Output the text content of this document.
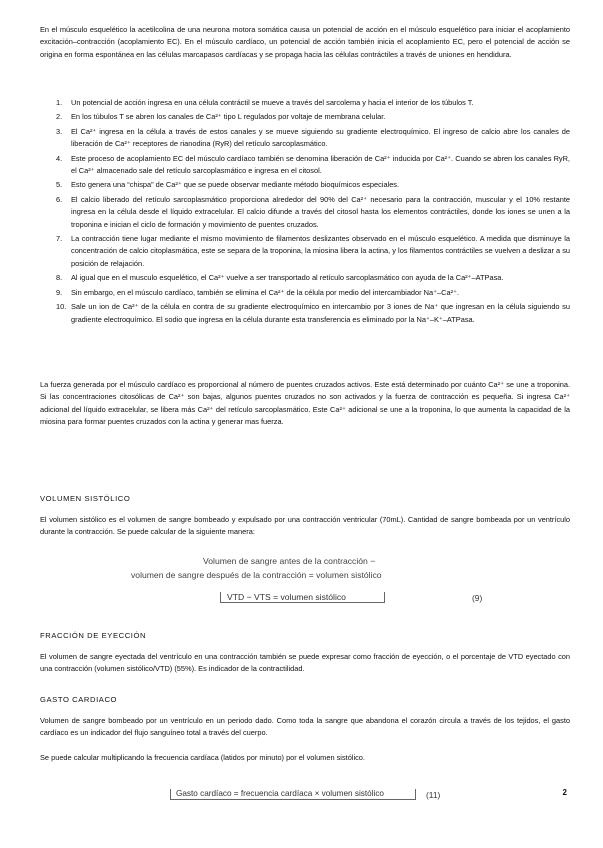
En el músculo esquelético la acetilcolina de una neurona motora somática causa un potencial de acción en el músculo esquelético para iniciar el acoplamiento excitación–contracción (acoplamiento EC). En el músculo cardíaco, un potencial de acción también inicia el acoplamiento EC, pero el potencial de acción se origina en forma espontánea en las células marcapasos cardíacas y se propaga hacia las células contráctiles a través de uniones en hendidura.

1. Un potencial de acción ingresa en una célula contráctil se mueve a través del sarcolema y hacia el interior de los túbulos T.
2. En los túbulos T se abren los canales de Ca²⁺ tipo L regulados por voltaje de membrana celular.
3. El Ca²⁺ ingresa en la célula a través de estos canales y se mueve siguiendo su gradiente electroquímico. El ingreso de calcio abre los canales de liberación de Ca²⁺ receptores de rianodina (RyR) del retículo sarcoplasmático.
4. Este proceso de acoplamiento EC del músculo cardíaco también se denomina liberación de Ca²⁺ inducida por Ca²⁺. Cuando se abren los canales RyR, el Ca²⁺ almacenado sale del retículo sarcoplasmático e ingresa en el citosol.
5. Esto genera una “chispa” de Ca²⁺ que se puede observar mediante método bioquímicos especiales.
6. El calcio liberado del retículo sarcoplasmático proporciona alrededor del 90% del Ca²⁺ necesario para la contracción, muscular y el 10% restante ingresa en la célula desde el líquido extracelular. El calcio difunde a través del citosol hasta los elementos contráctiles, donde los iones se unen a la troponina e inician el ciclo de formación y movimiento de puentes cruzados.
7. La contracción tiene lugar mediante el mismo movimiento de filamentos deslizantes observado en el músculo esquelético. A medida que disminuye la concentración de calcio citoplasmática, este se separa de la troponina, la miosina libera la actina, y los filamentos contráctiles se vuelven a deslizar a su posición de relajación.
8. Al igual que en el musculo esquelético, el Ca²⁺ vuelve a ser transportado al retículo sarcoplasmático con ayuda de la Ca²⁺–ATPasa.
9. Sin embargo, en el músculo cardíaco, también se elimina el Ca²⁺ de la célula por medio del intercambiador Na⁺–Ca²⁺.
10. Sale un ion de Ca²⁺ de la célula en contra de su gradiente electroquímico en intercambio por 3 iones de Na⁺ que ingresan en la célula siguiendo su gradiente electroquímico. El sodio que ingresa en la célula durante esta transferencia es eliminado por la Na⁺–K⁺–ATPasa.

La fuerza generada por el músculo cardíaco es proporcional al número de puentes cruzados activos. Este está determinado por cuánto Ca²⁺ se une a troponina. Si las concentraciones citosólicas de Ca²⁺ son bajas, algunos puentes cruzados no son activados y la fuerza de contracción es pequeña. Si ingresa Ca²⁺ adicional del líquido extracelular, se libera más Ca²⁺ del retículo sarcoplasmático. Este Ca²⁺ adicional se une a la troponina, lo que aumenta la capacidad de la miosina para formar puentes cruzados con la actina y generar mas fuerza.

VOLUMEN SISTÓLICO

El volumen sistólico es el volumen de sangre bombeado y expulsado por una contracción ventricular (70mL). Cantidad de sangre bombeada por un ventrículo durante la contracción. Se puede calcular de la siguiente manera:

Volumen de sangre antes de la contracción −
volumen de sangre después de la contracción = volumen sistólico
VTD − VTS = volumen sistólico	(9)
FRACCIÓN DE EYECCIÓN

El volumen de sangre eyectada del ventrículo en una contracción también se puede expresar como fracción de eyección, o el porcentaje de VTD eyectado con una contracción (volumen sistólico/VTD) (55%). Es indicador de la contractilidad.

GASTO CARDIACO

Volumen de sangre bombeado por un ventrículo en un periodo dado. Como toda la sangre que abandona el corazón circula a través de los tejidos, el gasto cardíaco es un indicador del flujo sanguíneo total a través del cuerpo.

Se puede calcular multiplicando la frecuencia cardíaca (latidos por minuto) por el volumen sistólico.

Gasto cardíaco = frecuencia cardíaca × volumen sistólico	(11)	2
